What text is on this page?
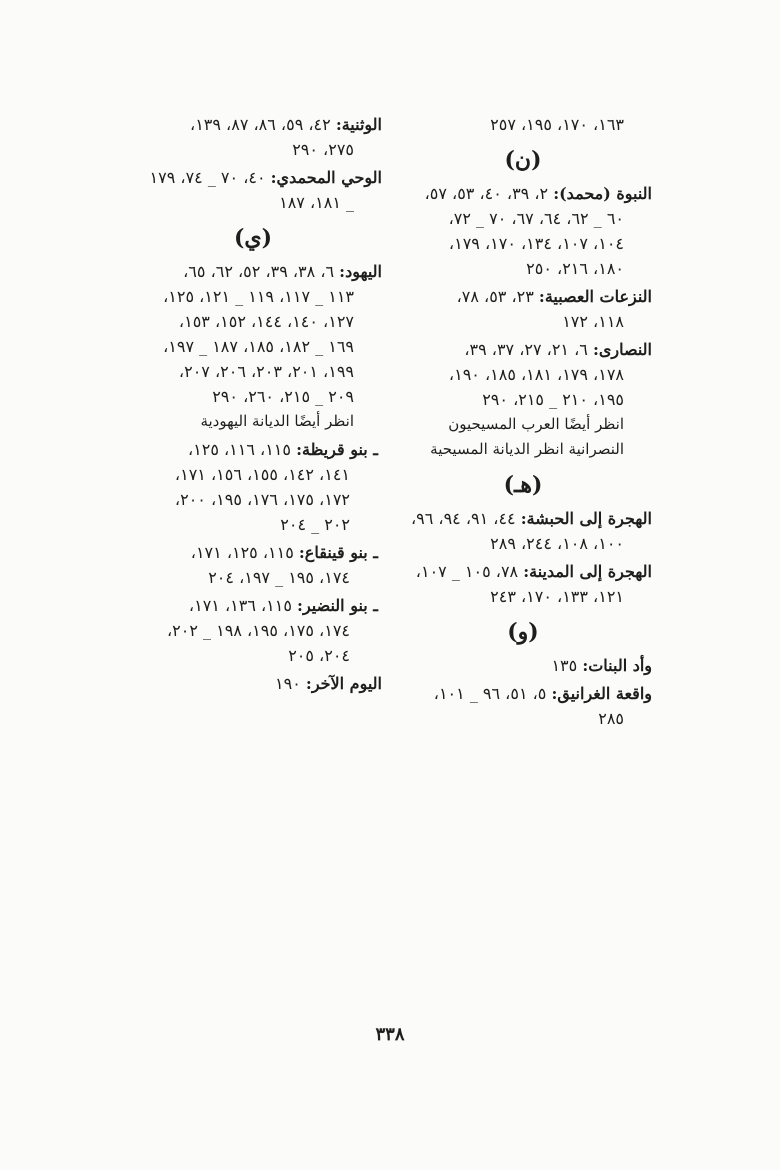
١٦٣، ١٧٠، ١٩٥، ٢٥٧
(ن)
النبوة (محمد): ٢، ٣٩، ٤٠، ٥٣، ٥٧،
٦٠ _ ٦٢، ٦٤، ٦٧، ٧٠ _ ٧٢،
١٠٤، ١٠٧، ١٣٤، ١٧٠، ١٧٩،
١٨٠، ٢١٦، ٢٥٠
النزعات العصبية: ٢٣، ٥٣، ٧٨،
١١٨، ١٧٢
النصارى: ٦، ٢١، ٢٧، ٣٧، ٣٩،
١٧٨، ١٧٩، ١٨١، ١٨٥، ١٩٠،
١٩٥، ٢١٠ _ ٢١٥، ٢٩٠
انظر أيضًا العرب المسيحيون
النصرانية انظر الديانة المسيحية
(هـ)
الهجرة إلى الحبشة: ٤٤، ٩١، ٩٤، ٩٦،
١٠٠، ١٠٨، ٢٤٤، ٢٨٩
الهجرة إلى المدينة: ٧٨، ١٠٥ _ ١٠٧،
١٢١، ١٣٣، ١٧٠، ٢٤٣
(و)
وأد البنات: ١٣٥
واقعة الغرانيق: ٥، ٥١، ٩٦ _ ١٠١،
٢٨٥
الوثنية: ٤٢، ٥٩، ٨٦، ٨٧، ١٣٩،
٢٧٥، ٢٩٠
الوحي المحمدي: ٤٠، ٧٠ _ ٧٤، ١٧٩
_ ١٨١، ١٨٧
(ي)
اليهود: ٦، ٣٨، ٣٩، ٥٢، ٦٢، ٦٥،
١١٣ _ ١١٧، ١١٩ _ ١٢١، ١٢٥،
١٢٧، ١٤٠، ١٤٤، ١٥٢، ١٥٣،
١٦٩ _ ١٨٢، ١٨٥، ١٨٧ _ ١٩٧،
١٩٩، ٢٠١، ٢٠٣، ٢٠٦، ٢٠٧،
٢٠٩ _ ٢١٥، ٢٦٠، ٢٩٠
انظر أيضًا الديانة اليهودية
ـ بنو قريظة: ١١٥، ١١٦، ١٢٥،
١٤١، ١٤٢، ١٥٥، ١٥٦، ١٧١،
١٧٢، ١٧٥، ١٧٦، ١٩٥، ٢٠٠،
٢٠٢ _ ٢٠٤
ـ بنو قينقاع: ١١٥، ١٢٥، ١٧١،
١٧٤، ١٩٥ _ ١٩٧، ٢٠٤
ـ بنو النضير: ١١٥، ١٣٦، ١٧١،
١٧٤، ١٧٥، ١٩٥، ١٩٨ _ ٢٠٢،
٢٠٤، ٢٠٥
اليوم الآخر: ١٩٠
٣٣٨
